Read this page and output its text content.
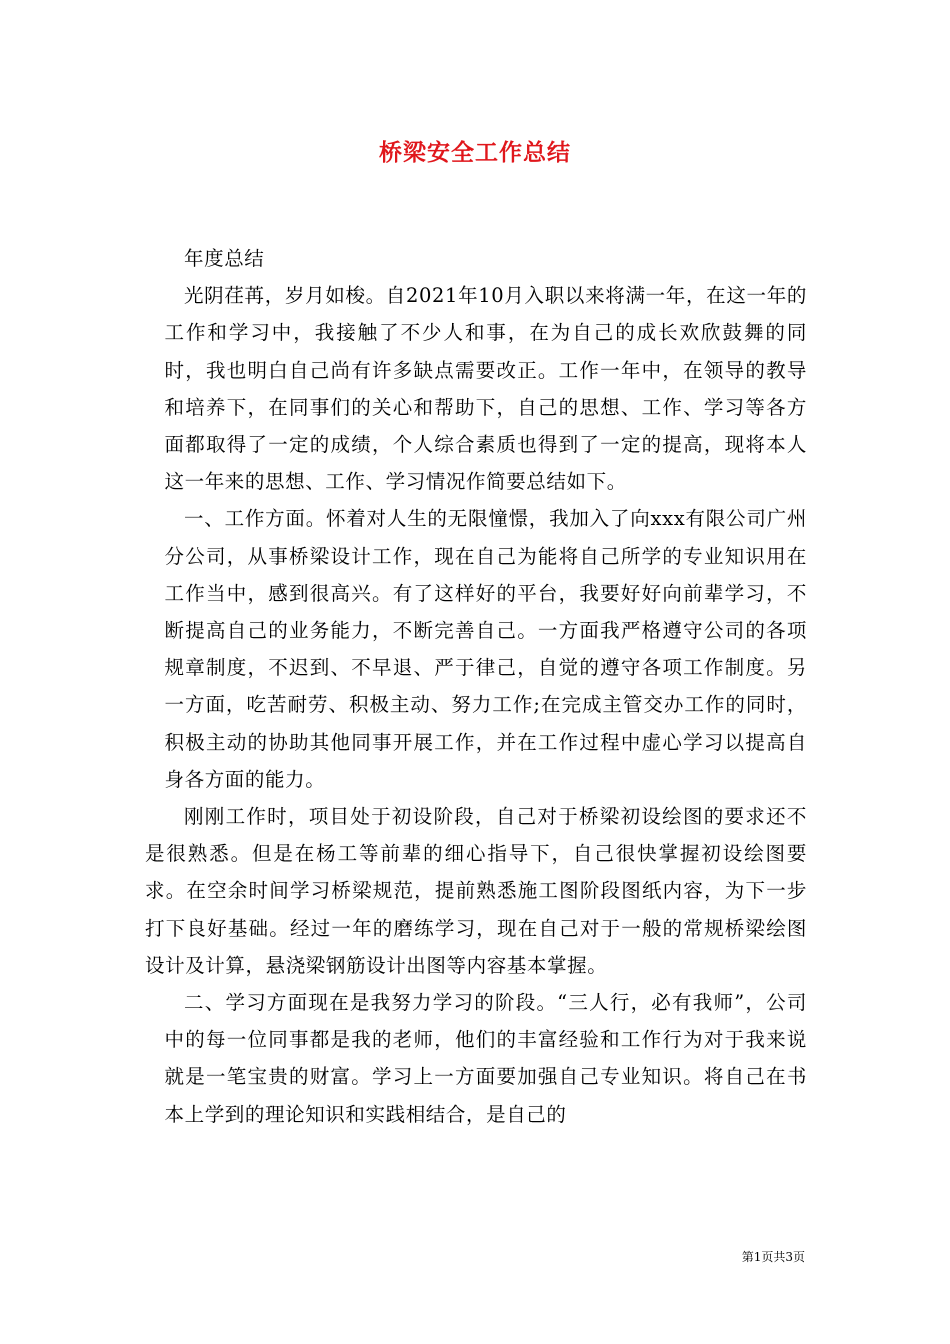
桥梁安全工作总结

年度总结

光阴荏苒，岁月如梭。自2021年10月入职以来将满一年，在这一年的工作和学习中，我接触了不少人和事，在为自己的成长欢欣鼓舞的同时，我也明白自己尚有许多缺点需要改正。工作一年中，在领导的教导和培养下，在同事们的关心和帮助下，自己的思想、工作、学习等各方面都取得了一定的成绩，个人综合素质也得到了一定的提高，现将本人这一年来的思想、工作、学习情况作简要总结如下。

一、工作方面。怀着对人生的无限憧憬，我加入了向xxx有限公司广州分公司，从事桥梁设计工作，现在自己为能将自己所学的专业知识用在工作当中，感到很高兴。有了这样好的平台，我要好好向前辈学习，不断提高自己的业务能力，不断完善自己。一方面我严格遵守公司的各项规章制度，不迟到、不早退、严于律己，自觉的遵守各项工作制度。另一方面，吃苦耐劳、积极主动、努力工作;在完成主管交办工作的同时，积极主动的协助其他同事开展工作，并在工作过程中虚心学习以提高自身各方面的能力。

刚刚工作时，项目处于初设阶段，自己对于桥梁初设绘图的要求还不是很熟悉。但是在杨工等前辈的细心指导下，自己很快掌握初设绘图要求。在空余时间学习桥梁规范，提前熟悉施工图阶段图纸内容，为下一步打下良好基础。经过一年的磨练学习，现在自己对于一般的常规桥梁绘图设计及计算，悬浇梁钢筋设计出图等内容基本掌握。

二、学习方面现在是我努力学习的阶段。“三人行，必有我师”，公司中的每一位同事都是我的老师，他们的丰富经验和工作行为对于我来说就是一笔宝贵的财富。学习上一方面要加强自己专业知识。将自己在书本上学到的理论知识和实践相结合，是自己的

第1页共3页
